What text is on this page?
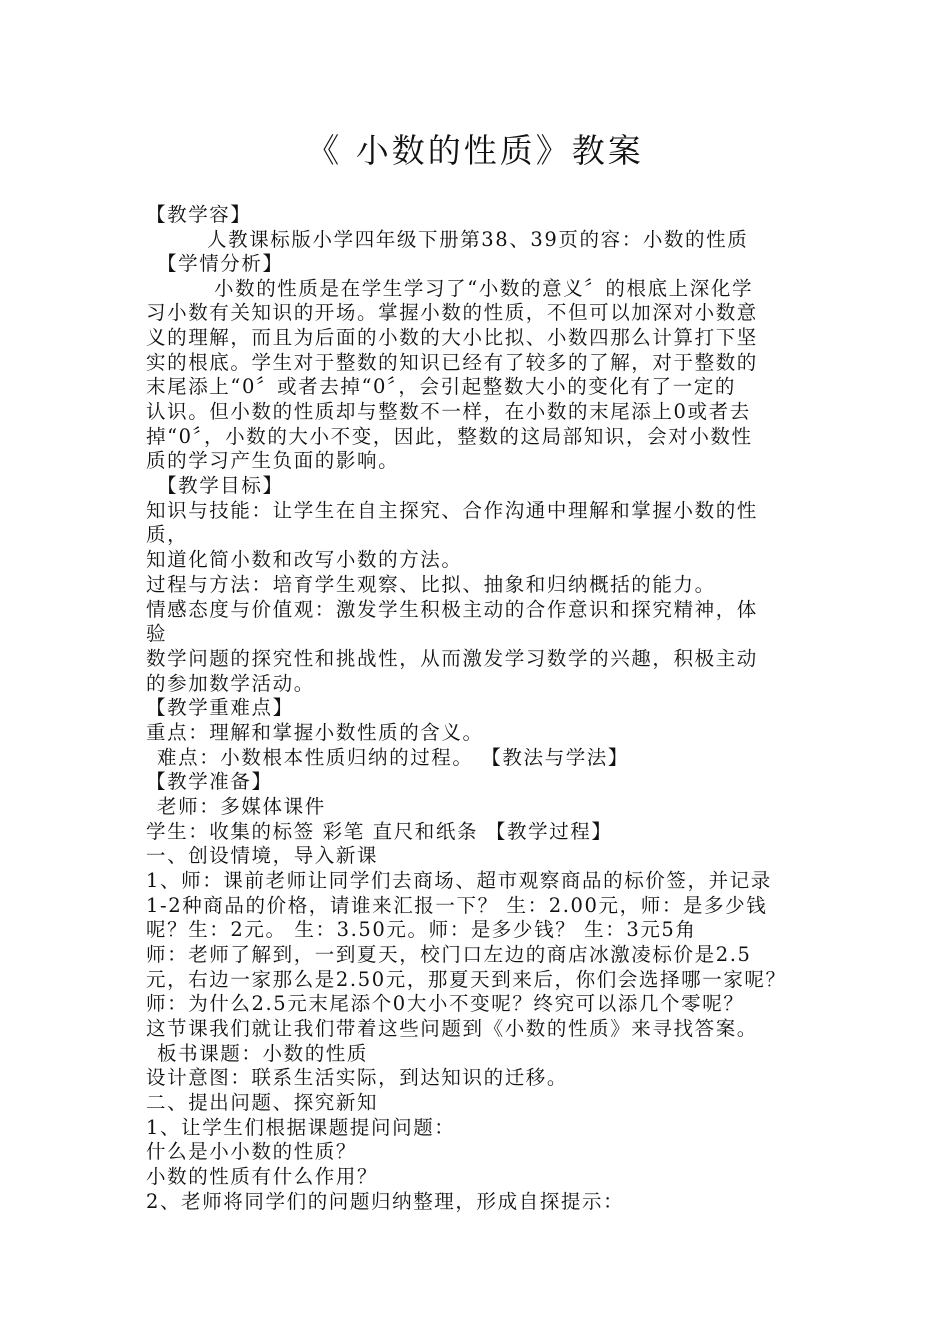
《 小数的性质》教案
【教学容】
人教课标版小学四年级下册第38、39页的容：小数的性质
【学情分析】
小数的性质是在学生学习了“小数的意义〞的根底上深化学
习小数有关知识的开场。掌握小数的性质，不但可以加深对小数意
义的理解，而且为后面的小数的大小比拟、小数四那么计算打下坚
实的根底。学生对于整数的知识已经有了较多的了解，对于整数的
末尾添上“0〞或者去掉“0〞，会引起整数大小的变化有了一定的
认识。但小数的性质却与整数不一样，在小数的末尾添上0或者去
掉“0〞，小数的大小不变，因此，整数的这局部知识，会对小数性
质的学习产生负面的影响。
【教学目标】
知识与技能：让学生在自主探究、合作沟通中理解和掌握小数的性
质，
知道化简小数和改写小数的方法。
过程与方法：培育学生观察、比拟、抽象和归纳概括的能力。
情感态度与价值观：激发学生积极主动的合作意识和探究精神，体
验
数学问题的探究性和挑战性，从而激发学习数学的兴趣，积极主动
的参加数学活动。
【教学重难点】
重点：理解和掌握小数性质的含义。
难点：小数根本性质归纳的过程。 【教法与学法】
【教学准备】
老师：多媒体课件
学生：收集的标签 彩笔 直尺和纸条 【教学过程】
一、创设情境，导入新课
1、师：课前老师让同学们去商场、超市观察商品的标价签，并记录
1-2种商品的价格，请谁来汇报一下？ 生：2.00元，师：是多少钱
呢？生：2元。 生：3.50元。师：是多少钱？ 生：3元5角
师：老师了解到，一到夏天，校门口左边的商店冰激凌标价是2.5
元，右边一家那么是2.50元，那夏天到来后，你们会选择哪一家呢？
师：为什么2.5元末尾添个0大小不变呢？终究可以添几个零呢？
这节课我们就让我们带着这些问题到《小数的性质》来寻找答案。
板书课题：小数的性质
设计意图：联系生活实际，到达知识的迁移。
二、提出问题、探究新知
1、让学生们根据课题提问问题：
什么是小小数的性质？
小数的性质有什么作用？
2、老师将同学们的问题归纳整理，形成自探提示：
